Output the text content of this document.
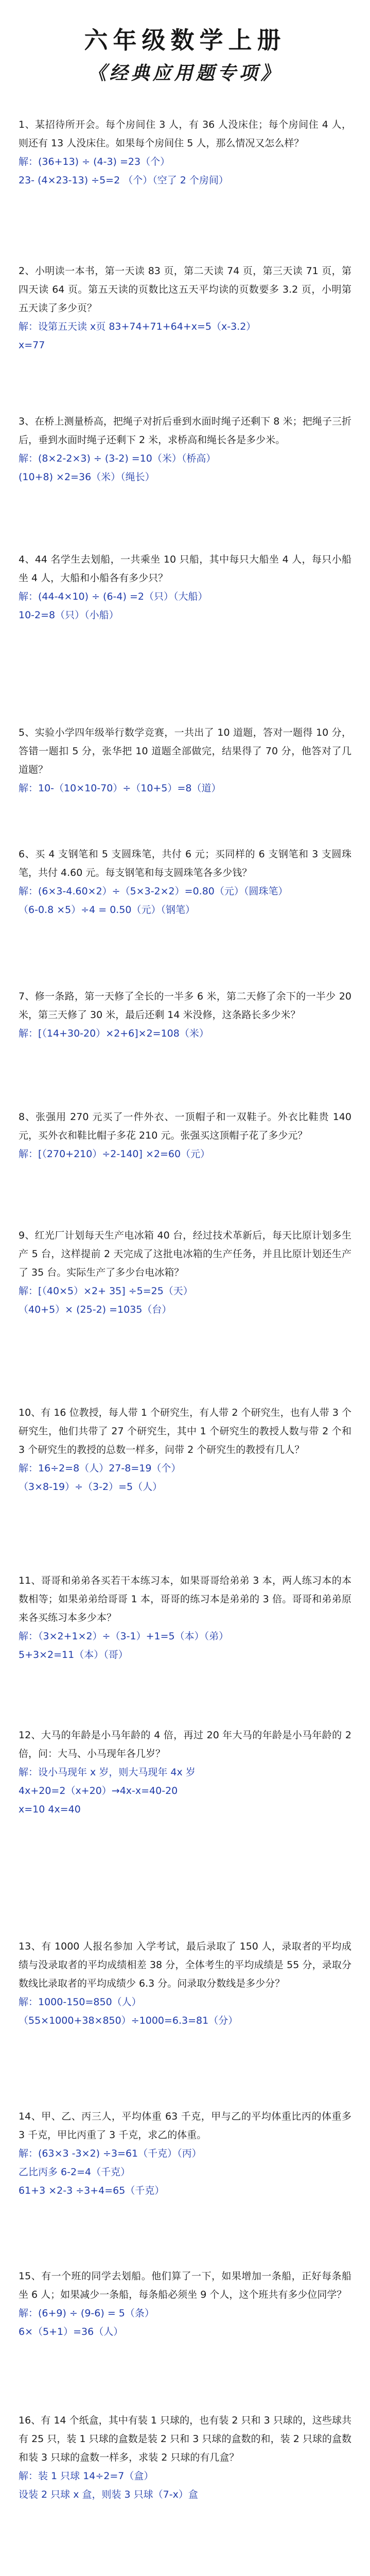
六年级数学上册
《经典应用题专项》

1、某招待所开会。每个房间住 3 人，有 36 人没床住；每个房间住 4 人，则还有 13 人没床住。如果每个房间住 5 人，那么情况又怎么样？

解：(36+13) ÷ (4-3) =23（个）

23- (4×23-13) ÷5=2 （个）（空了 2 个房间）

2、小明读一本书，第一天读 83 页，第二天读 74 页，第三天读 71 页，第四天读 64 页。第五天读的页数比这五天平均读的页数要多 3.2 页，小明第五天读了多少页？

解：设第五天读 x页 83+74+71+64+x=5（x-3.2）

x=77

3、在桥上测量桥高，把绳子对折后垂到水面时绳子还剩下 8 米；把绳子三折后，垂到水面时绳子还剩下 2 米，求桥高和绳长各是多少米。

解：(8×2-2×3) ÷ (3-2) =10（米）（桥高）

(10+8) ×2=36（米）（绳长）

4、44 名学生去划船，一共乘坐 10 只船，其中每只大船坐 4 人，每只小船坐 4 人，大船和小船各有多少只？

解：(44-4×10) ÷ (6-4) =2（只）（大船）

10-2=8（只）（小船）

5、实验小学四年级举行数学竞赛，一共出了 10 道题，答对一题得 10 分，答错一题扣 5 分，张华把 10 道题全部做完，结果得了 70 分，他答对了几道题？

解：10-（10×10-70）÷（10+5）=8（道）

6、买 4 支钢笔和 5 支圆珠笔，共付 6 元；买同样的 6 支钢笔和 3 支圆珠笔，共付 4.60 元。每支钢笔和每支圆珠笔各多少钱？

解：(6×3-4.60×2）÷（5×3-2×2）=0.80（元）（圆珠笔）

（6-0.8 ×5）÷4 = 0.50（元）（钢笔）

7、修一条路，第一天修了全长的一半多 6 米，第二天修了余下的一半少 20 米，第三天修了 30 米，最后还剩 14 米没修，这条路长多少米？

解：[（14+30-20）×2+6]×2=108（米）

8、张强用 270 元买了一件外衣、一顶帽子和一双鞋子。外衣比鞋贵 140 元，买外衣和鞋比帽子多花 210 元。张强买这顶帽子花了多少元？

解：[（270+210）÷2-140] ×2=60（元）

9、红光厂计划每天生产电冰箱 40 台，经过技术革新后，每天比原计划多生产 5 台，这样提前 2 天完成了这批电冰箱的生产任务，并且比原计划还生产了 35 台。实际生产了多少台电冰箱？

解：[（40×5）×2+ 35] ÷5=25（天）

（40+5）× (25-2) =1035（台）

10、有 16 位教授，每人带 1 个研究生，有人带 2 个研究生，也有人带 3 个研究生，他们共带了 27 个研究生，其中 1 个研究生的教授人数与带 2 个和 3 个研究生的教授的总数一样多，问带 2 个研究生的教授有几人？

解：16÷2=8（人）27-8=19（个）

（3×8-19）÷（3-2）=5（人）

11、哥哥和弟弟各买若干本练习本，如果哥哥给弟弟 3 本，两人练习本的本数相等；如果弟弟给哥哥 1 本，哥哥的练习本是弟弟的 3 倍。哥哥和弟弟原来各买练习本多少本？

解：（3×2+1×2）÷（3-1）+1=5（本）（弟）

5+3×2=11（本）（哥）

12、大马的年龄是小马年龄的 4 倍，再过 20 年大马的年龄是小马年龄的 2 倍，问：大马、小马现年各几岁？

解：设小马现年 x 岁，则大马现年 4x 岁

4x+20=2（x+20）→4x-x=40-20

x=10 4x=40

13、有 1000 人报名参加 入学考试，最后录取了 150 人，录取者的平均成绩与没录取者的平均成绩相差 38 分，全体考生的平均成绩是 55 分，录取分数线比录取者的平均成绩少 6.3 分。问录取分数线是多少分？

解：1000-150=850（人）

（55×1000+38×850）÷1000=6.3=81（分）

14、甲、乙、丙三人，平均体重 63 千克，甲与乙的平均体重比丙的体重多 3 千克，甲比丙重了 3 千克，求乙的体重。

解：(63×3 -3×2) ÷3=61（千克）（丙）

乙比丙多 6-2=4（千克）

61+3 ×2-3 ÷3+4=65（千克）

15、有一个班的同学去划船。他们算了一下，如果增加一条船，正好每条船坐 6 人；如果减少一条船，每条船必须坐 9 个人，这个班共有多少位同学？

解：(6+9) ÷ (9-6) = 5（条）

6×（5+1）=36（人）

16、有 14 个纸盒，其中有装 1 只球的，也有装 2 只和 3 只球的，这些球共有 25 只，装 1 只球的盒数是装 2 只和 3 只球的盒数的和，装 2 只球的盒数和装 3 只球的盒数一样多，求装 2 只球的有几盒？

解：装 1 只球 14÷2=7（盒）

设装 2 只球 x 盒，则装 3 只球（7-x）盒
